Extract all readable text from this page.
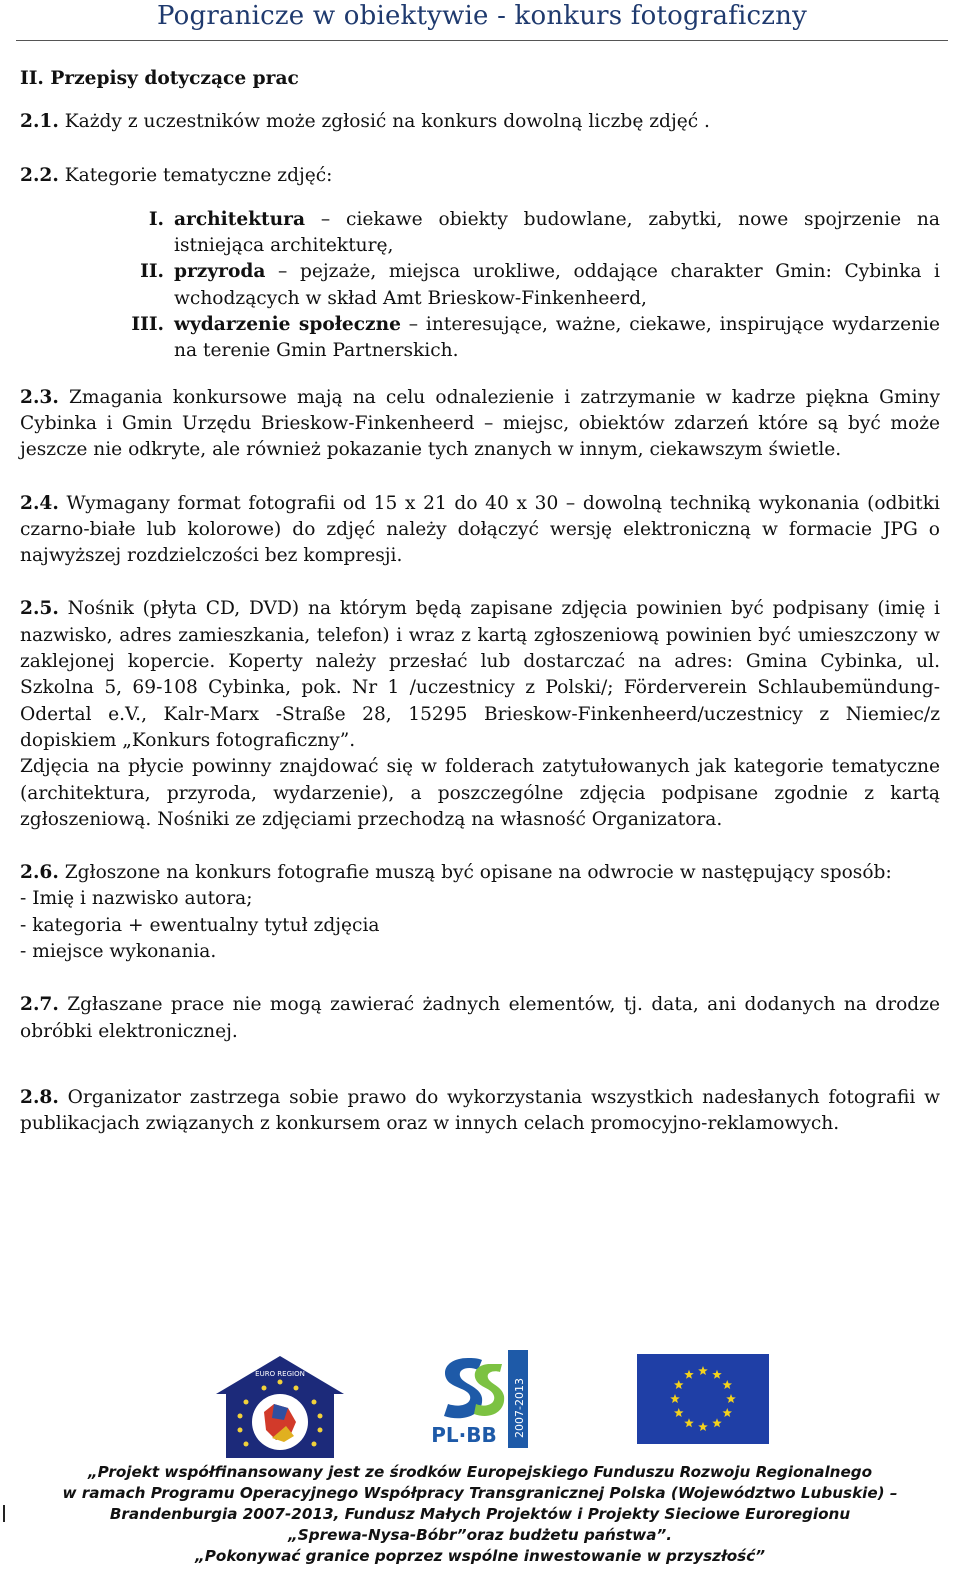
Pogranicze w obiektywie - konkurs fotograficzny
II. Przepisy dotyczące prac

2.1. Każdy z uczestników może zgłosić na konkurs dowolną liczbę zdjęć .

2.2. Kategorie tematyczne zdjęć:

I. architektura – ciekawe obiekty budowlane, zabytki, nowe spojrzenie na istniejąca architekturę,
II. przyroda – pejzaże, miejsca urokliwe, oddające charakter Gmin: Cybinka i wchodzących w skład Amt Brieskow-Finkenheerd,
III. wydarzenie społeczne – interesujące, ważne, ciekawe, inspirujące wydarzenie na terenie Gmin Partnerskich.

2.3. Zmagania konkursowe mają na celu odnalezienie i zatrzymanie w kadrze piękna Gminy Cybinka i Gmin Urzędu Brieskow-Finkenheerd – miejsc, obiektów zdarzeń które są być może jeszcze nie odkryte, ale również pokazanie tych znanych w innym, ciekawszym świetle.

2.4. Wymagany format fotografii od 15 x 21 do 40 x 30 – dowolną techniką wykonania (odbitki czarno-białe lub kolorowe) do zdjęć należy dołączyć wersję elektroniczną w formacie JPG o najwyższej rozdzielczości bez kompresji.

2.5. Nośnik (płyta CD, DVD) na którym będą zapisane zdjęcia powinien być podpisany (imię i nazwisko, adres zamieszkania, telefon) i wraz z kartą zgłoszeniową powinien być umieszczony w zaklejonej kopercie. Koperty należy przesłać lub dostarczać na adres: Gmina Cybinka, ul. Szkolna 5, 69-108 Cybinka, pok. Nr 1 /uczestnicy z Polski/; Förderverein Schlaubemündung-Odertal e.V., Kalr-Marx -Straße 28, 15295 Brieskow-Finkenheerd/uczestnicy z Niemiec/z dopiskiem „Konkurs fotograficzny”.

Zdjęcia na płycie powinny znajdować się w folderach zatytułowanych jak kategorie tematyczne (architektura, przyroda, wydarzenie), a poszczególne zdjęcia podpisane zgodnie z kartą zgłoszeniową. Nośniki ze zdjęciami przechodzą na własność Organizatora.

2.6. Zgłoszone na konkurs fotografie muszą być opisane na odwrocie w następujący sposób:

- Imię i nazwisko autora;
- kategoria + ewentualny tytuł zdjęcia
- miejsce wykonania.

2.7. Zgłaszane prace nie mogą zawierać żadnych elementów, tj. data, ani dodanych na drodze obróbki elektronicznej.

2.8. Organizator zastrzega sobie prawo do wykorzystania wszystkich nadesłanych fotografii w publikacjach związanych z konkursem oraz w innych celach promocyjno-reklamowych.

EURO REGION
PL·BB 2007-2013
„Projekt współfinansowany jest ze środków Europejskiego Funduszu Rozwoju Regionalnego
w ramach Programu Operacyjnego Współpracy Transgranicznej Polska (Województwo Lubuskie) –
Brandenburgia 2007-2013, Fundusz Małych Projektów i Projekty Sieciowe Euroregionu
„Sprewa-Nysa-Bóbr”oraz budżetu państwa”.
„Pokonywać granice poprzez wspólne inwestowanie w przyszłość”
